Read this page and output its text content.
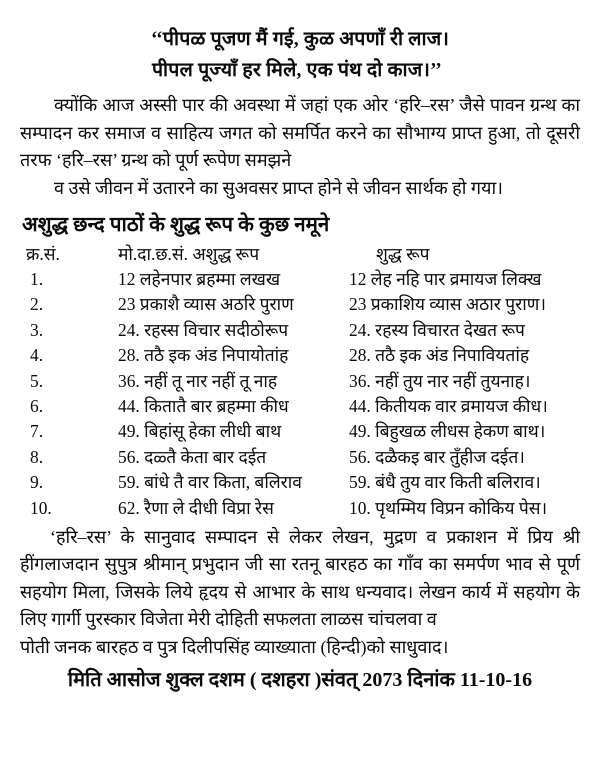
‘‘पीपळ पूजण मैं गई, कुळ अपणाँ री लाज।
पीपल पूज्याँ हर मिले, एक पंथ दो काज।’’

क्योंकि आज अस्सी पार की अवस्था में जहां एक ओर ‘हरि–रस’ जैसे पावन ग्रन्थ का सम्पादन कर समाज व साहित्य जगत को समर्पित करने का सौभाग्य प्राप्त हुआ, तो दूसरी तरफ ‘हरि–रस’ ग्रन्थ को पूर्ण रूपेण समझने
व उसे जीवन में उतारने का सुअवसर प्राप्त होने से जीवन सार्थक हो गया।

अशुद्ध छन्द पाठों के शुद्ध रूप के कुछ नमूने
क्र.सं.	मो.दा.छ.सं. अशुद्ध रूप	शुद्ध रूप
1.	12 लहेनपार ब्रहम्मा लखख	12 लेह नहि पार व्रमायज लिक्ख
2.	23 प्रकाशै व्यास अठरि पुराण	23 प्रकाशिय व्यास अठार पुराण।
3.	24. रहस्स विचार सदीठोरूप	24. रहस्य विचारत देखत रूप
4.	28. तठै इक अंड निपायोतांह	28. तठै इक अंड निपावियतांह
5.	36. नहीं तू नार नहीं तू नाह	36. नहीं तुय नार नहीं तुयनाह।
6.	44. कितातै बार ब्रहम्मा कीध	44. कितीयक वार व्रमायज कीध।
7.	49. बिहांसू हेका लीधी बाथ	49. बिहुखळ लीधस हेकण बाथ।
8.	56. दळ्तै केता बार दईत	56. दळैकइ बार तुँहीज दईत।
9.	59. बांधे तै वार किता, बलिराव	59. बंधै तुय वार किती बलिराव।
10.	62. रैणा ले दीधी विप्रा रेस	10. पृथम्मिय विप्रन कोकिय पेस।

‘हरि–रस’ के सानुवाद सम्पादन से लेकर लेखन, मुद्रण व प्रकाशन में प्रिय श्री हींगलाजदान सुपुत्र श्रीमान् प्रभुदान जी सा रतनू बारहठ का गाँव का समर्पण भाव से पूर्ण सहयोग मिला, जिसके लिये हृदय से आभार के साथ धन्यवाद। लेखन कार्य में सहयोग के लिए गार्गी पुरस्कार विजेता मेरी दोहिती सफलता लाळस चांचलवा व
पोती जनक बारहठ व पुत्र दिलीपसिंह व्याख्याता (हिन्दी)को साधुवाद।

मिति आसोज शुक्ल दशम ( दशहरा )संवत् 2073 दिनांक 11-10-16
